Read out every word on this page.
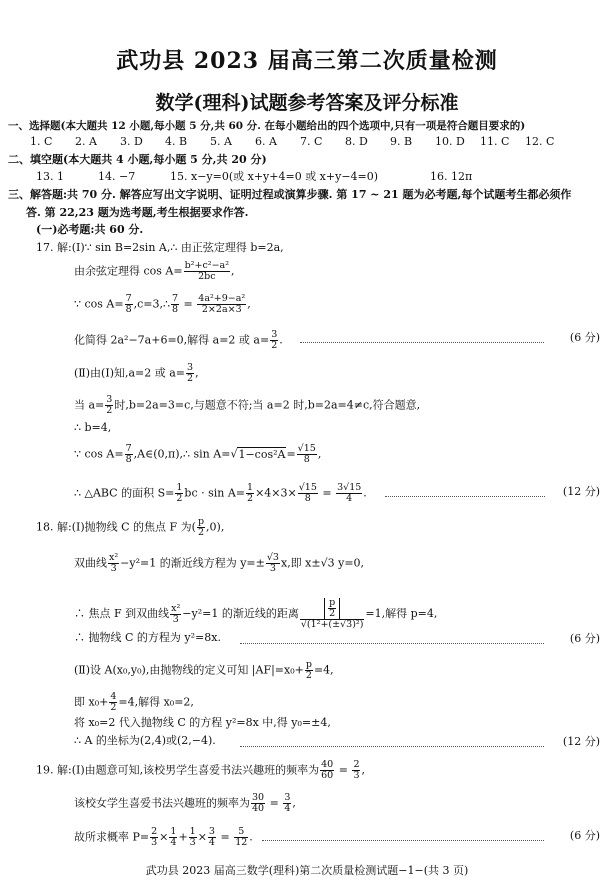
武功县 2023 届高三第二次质量检测
数学(理科)试题参考答案及评分标准
一、选择题(本大题共 12 小题,每小题 5 分,共 60 分. 在每小题给出的四个选项中,只有一项是符合题目要求的)
1. C 2. A 3. D 4. B 5. A 6. A 7. C 8. D 9. B 10. D 11. C 12. C
二、填空题(本大题共 4 小题,每小题 5 分,共 20 分)
13. 1	14. −7	15. x−y=0(或 x+y+4=0 或 x+y−4=0)	16. 12π
三、解答题:共 70 分. 解答应写出文字说明、证明过程或演算步骤. 第 17 ~ 21 题为必考题,每个试题考生都必须作
答. 第 22,23 题为选考题,考生根据要求作答.
(一)必考题:共 60 分.
17. 解:(Ⅰ)∵ sin B=2sin A,∴ 由正弦定理得 b=2a,
由余弦定理得 $\cos A= \frac{\text{b²+c²−a²}}{2bc}$ ,
∵ $\cos A= \frac{7}{8}$ ,c=3,∴ $\frac{7}{8} = \frac{\text{4a²+9−a²}}{2\times 2a\times 3}$ ,
化简得 2a²−7a+6=0,解得 a=2 或 $a= \frac{3}{2}$ .	(6 分)
(Ⅱ)由(Ⅰ)知,a=2 或 $a= \frac{3}{2}$ ,
当 $a= \frac{3}{2}$ 时,b=2a=3=c,与题意不符;当 a=2 时,b=2a=4≠c,符合题意,
∴ b=4,
∵ $\cos A= \frac{7}{8}$ ,A∈(0,π),∴ $\sin A=√1-\cos^2A= \frac{√15}{8}$ ,
∴ △ABC 的面积 $S= \frac{1}{2}$ bc · $\sin A= \frac{1}{2} \times 4\times 3\times \frac{√15}{8} = \frac{3√15}{4}$ .	(12 分)
18. 解:(Ⅰ)抛物线 C 的焦点 F 为( $\frac{p}{2} ,0$),
双曲线 $\frac{\text{x²}}{3} -y^2=1$ 的渐近线方程为 $y=\pm \frac{√3}{3} x$,即 x±√3 y=0,
∴ 焦点 F 到双曲线 $\frac{\text{x²}}{3} -y^2=1$ 的渐近线的距离 $\frac{\frac{p}{2}}{\text{√(1²+(±√3)²)}} =1$,解得 p=4,
∴ 抛物线 C 的方程为 y²=8x.	(6 分)
(Ⅱ)设 A(x₀,y₀),由抛物线的定义可知 $|AF|=x_0+ \frac{p}{2} =4$,
即 $x_0+ \frac{4}{2} =4$,解得 x₀=2,
将 x₀=2 代入抛物线 C 的方程 y²=8x 中,得 y₀=±4,
∴ A 的坐标为(2,4)或(2,−4).	(12 分)
19. 解:(Ⅰ)由题意可知,该校男学生喜爱书法兴趣班的频率为 $\frac{40}{60} = \frac{2}{3}$ ,
该校女学生喜爱书法兴趣班的频率为 $\frac{30}{40} = \frac{3}{4}$ ,
故所求概率 $P= \frac{2}{3} \times \frac{1}{4} + \frac{1}{3} \times \frac{3}{4} = \frac{5}{12}$ .	(6 分)
武功县 2023 届高三数学(理科)第二次质量检测试题−1−(共 3 页)
